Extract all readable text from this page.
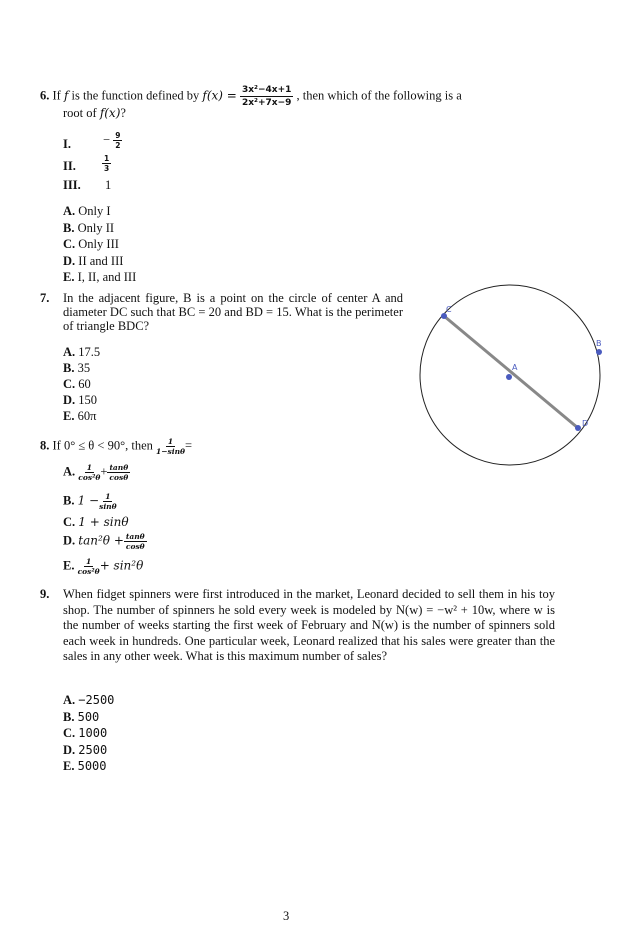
6. If f is the function defined by $f(x) = \frac{\text{3x²−4x+1}}{\text{2x²+7x−9}}$ , then which of the following is a
root of f(x)?
I.	− $\frac{9}{2}$
II.	$\frac{1}{3}$
III. 1
A. Only I
B. Only II
C. Only III
D. II and III
E. I, II, and III
7. In the adjacent figure, B is a point on the circle of center A and diameter DC such that BC = 20 and BD = 15. What is the perimeter of triangle BDC?
A. 17.5
B. 35
C. 60
D. 150
E. 60π
C
B
A
D
8. If 0° ≤ θ < 90°, then $\frac{1}{1-\sin\theta}$ =
A. $\frac{1}{\text{cos²θ}} + \frac{\tan\theta}{\cos\theta}$
B. $1 - \frac{1}{\sin\theta}$
C. 1 + sinθ
D. $\tan^2\theta + \frac{\tan\theta}{\cos\theta}$
E. $\frac{1}{\text{cos²θ}} + \sin^2\theta$
9. When fidget spinners were first introduced in the market, Leonard decided to sell them in his toy shop. The number of spinners he sold every week is modeled by N(w) = −w² + 10w, where w is the number of weeks starting the first week of February and N(w) is the number of spinners sold each week in hundreds. One particular week, Leonard realized that his sales were greater than the sales in any other week. What is this maximum number of sales?
A. −2500
B. 500
C. 1000
D. 2500
E. 5000
3
